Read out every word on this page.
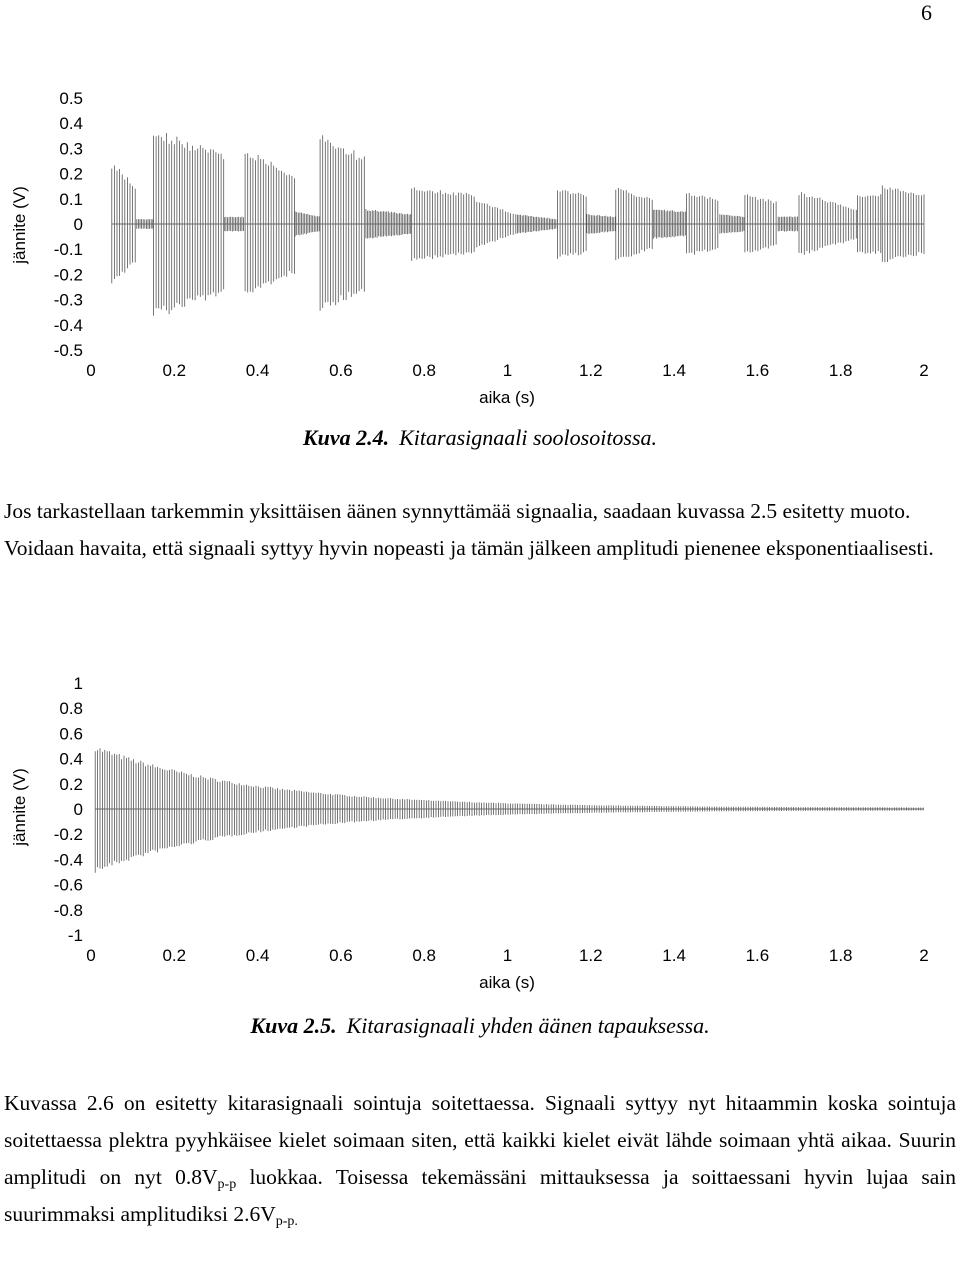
6
jännite (V)
aika (s)
0.5
0.4
0.3
0.2
0.1
0
-0.1
-0.2
-0.3
-0.4
-0.5
0	0.2	0.4	0.6	0.8	1	1.2	1.4	1.6	1.8	2
Kuva 2.4. Kitarasignaali soolosoitossa.

Jos tarkastellaan tarkemmin yksittäisen äänen synnyttämää signaalia, saadaan kuvassa 2.5 esitetty muoto. Voidaan havaita, että signaali syttyy hyvin nopeasti ja tämän jälkeen amplitudi pienenee eksponentiaalisesti.

jännite (V)
aika (s)
1
0.8
0.6
0.4
0.2
0
-0.2
-0.4
-0.6
-0.8
-1
0	0.2	0.4	0.6	0.8	1	1.2	1.4	1.6	1.8	2
Kuva 2.5. Kitarasignaali yhden äänen tapauksessa.

Kuvassa 2.6 on esitetty kitarasignaali sointuja soitettaessa. Signaali syttyy nyt hitaammin koska sointuja soitettaessa plektra pyyhkäisee kielet soimaan siten, että kaikki kielet eivät lähde soimaan yhtä aikaa. Suurin amplitudi on nyt $0.8V_{p-p}$ luokkaa. Toisessa tekemässäni mittauksessa ja soittaessani hyvin lujaa sain suurimmaksi amplitudiksi $2.6V_{p-p.}$
